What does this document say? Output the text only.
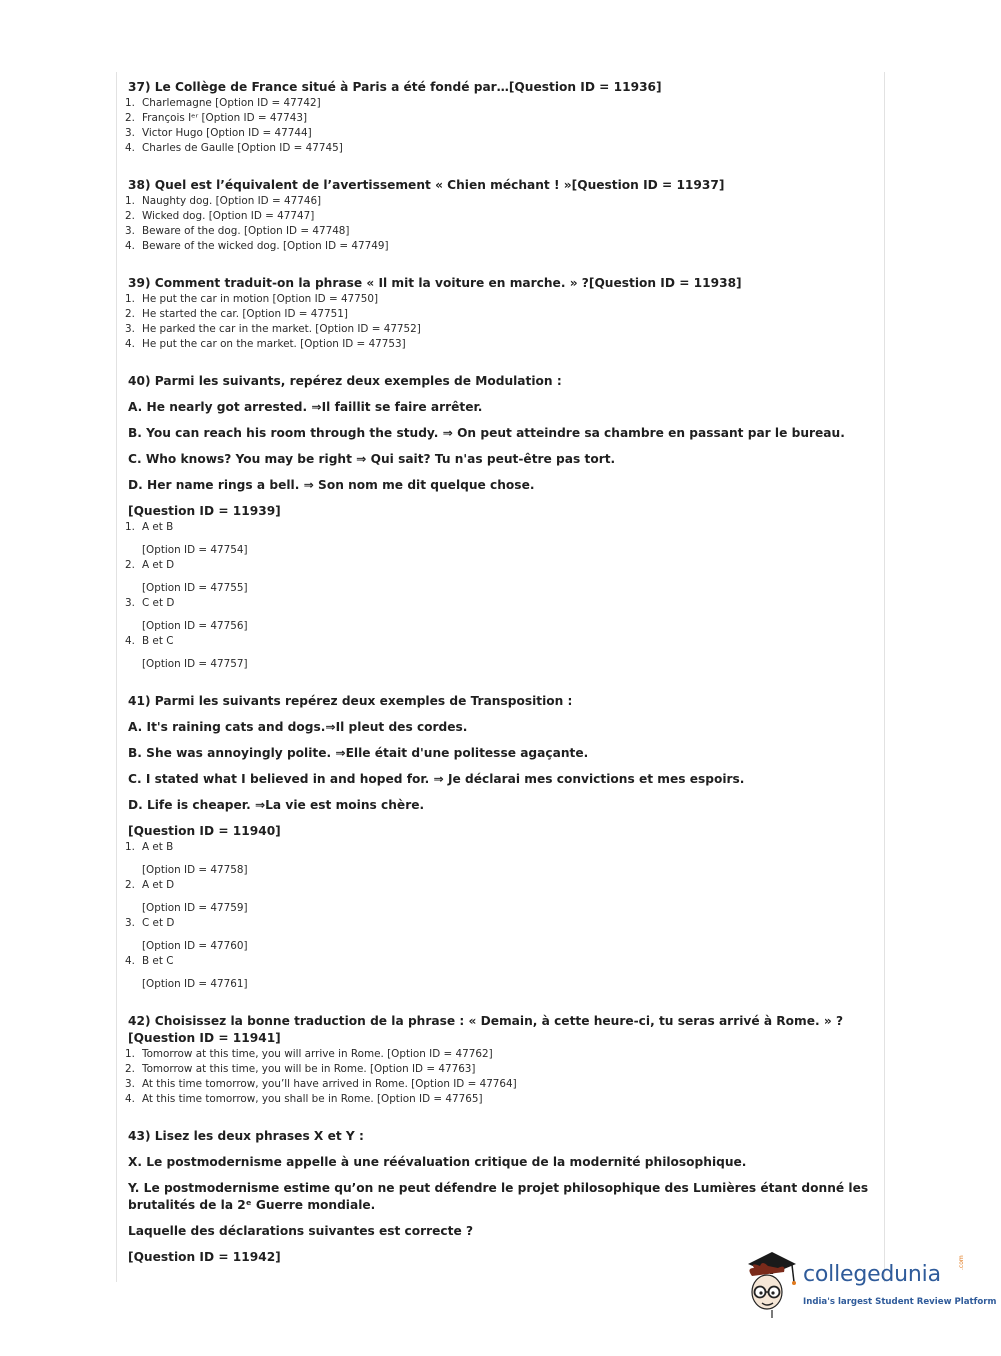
37) Le Collège de France situé à Paris a été fondé par…[Question ID = 11936]

1. Charlemagne [Option ID = 47742]
2. François Iᵉʳ [Option ID = 47743]
3. Victor Hugo [Option ID = 47744]
4. Charles de Gaulle [Option ID = 47745]

38) Quel est l’équivalent de l’avertissement « Chien méchant ! »[Question ID = 11937]

1. Naughty dog. [Option ID = 47746]
2. Wicked dog. [Option ID = 47747]
3. Beware of the dog. [Option ID = 47748]
4. Beware of the wicked dog. [Option ID = 47749]

39) Comment traduit-on la phrase « Il mit la voiture en marche. » ?[Question ID = 11938]

1. He put the car in motion [Option ID = 47750]
2. He started the car. [Option ID = 47751]
3. He parked the car in the market. [Option ID = 47752]
4. He put the car on the market. [Option ID = 47753]

40) Parmi les suivants, repérez deux exemples de Modulation :

A. He nearly got arrested. ⇒Il faillit se faire arrêter.

B. You can reach his room through the study. ⇒ On peut atteindre sa chambre en passant par le bureau.

C. Who knows? You may be right ⇒ Qui sait? Tu n'as peut-être pas tort.

D. Her name rings a bell. ⇒ Son nom me dit quelque chose.

[Question ID = 11939]

1. A et B
[Option ID = 47754]
2. A et D
[Option ID = 47755]
3. C et D
[Option ID = 47756]
4. B et C
[Option ID = 47757]

41) Parmi les suivants repérez deux exemples de Transposition :

A. It's raining cats and dogs.⇒Il pleut des cordes.

B. She was annoyingly polite. ⇒Elle était d'une politesse agaçante.

C. I stated what I believed in and hoped for. ⇒ Je déclarai mes convictions et mes espoirs.

D. Life is cheaper. ⇒La vie est moins chère.

[Question ID = 11940]

1. A et B
[Option ID = 47758]
2. A et D
[Option ID = 47759]
3. C et D
[Option ID = 47760]
4. B et C
[Option ID = 47761]

42) Choisissez la bonne traduction de la phrase : « Demain, à cette heure-ci, tu seras arrivé à Rome. » ?[Question ID = 11941]

1. Tomorrow at this time, you will arrive in Rome. [Option ID = 47762]
2. Tomorrow at this time, you will be in Rome. [Option ID = 47763]
3. At this time tomorrow, you’ll have arrived in Rome. [Option ID = 47764]
4. At this time tomorrow, you shall be in Rome. [Option ID = 47765]

43) Lisez les deux phrases X et Y :

X. Le postmodernisme appelle à une réévaluation critique de la modernité philosophique.

Y. Le postmodernisme estime qu’on ne peut défendre le projet philosophique des Lumières étant donné les brutalités de la 2ᵉ Guerre mondiale.

Laquelle des déclarations suivantes est correcte ?

[Question ID = 11942]

collegedunia	.com
India's largest Student Review Platform
